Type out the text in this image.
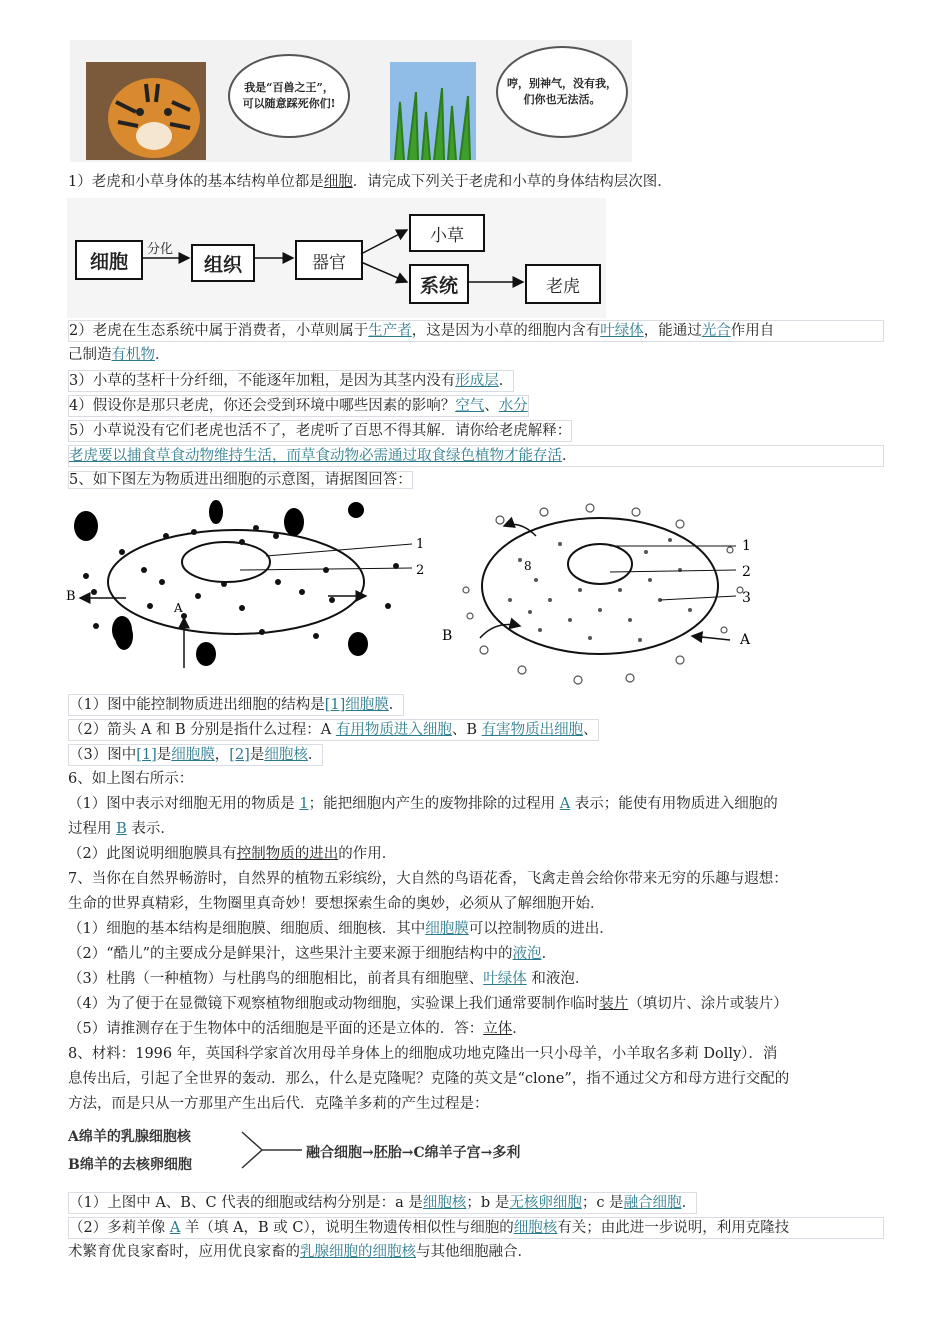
我是“百兽之王”，
可以随意踩死你们!
哼，别神气，没有我，
们你也无法活。
1）老虎和小草身体的基本结构单位都是细胞．请完成下列关于老虎和小草的身体结构层次图．
细胞
分化
组织	器官
小草
系统	老虎
2）老虎在生态系统中属于消费者，小草则属于生产者，这是因为小草的细胞内含有叶绿体，能通过光合作用自
己制造有机物．
3）小草的茎杆十分纤细，不能逐年加粗，是因为其茎内没有形成层．
4）假设你是那只老虎，你还会受到环境中哪些因素的影响？空气、水分
5）小草说没有它们老虎也活不了，老虎听了百思不得其解．请你给老虎解释：
老虎要以捕食草食动物维持生活，而草食动物必需通过取食绿色植物才能存活．
5、如下图左为物质进出细胞的示意图，请据图回答：
1
2
B
A
1
2
3
B	A
8
（1）图中能控制物质进出细胞的结构是[1]细胞膜．
（2）箭头 A 和 B 分别是指什么过程：A 有用物质进入细胞、B 有害物质出细胞、
（3）图中[1]是细胞膜，[2]是细胞核．
6、如上图右所示：
（1）图中表示对细胞无用的物质是 1；能把细胞内产生的废物排除的过程用 A 表示；能使有用物质进入细胞的
过程用 B 表示．
（2）此图说明细胞膜具有控制物质的进出的作用．
7、当你在自然界畅游时，自然界的植物五彩缤纷，大自然的鸟语花香，飞禽走兽会给你带来无穷的乐趣与遐想：
生命的世界真精彩，生物圈里真奇妙！要想探索生命的奥妙，必须从了解细胞开始．
（1）细胞的基本结构是细胞膜、细胞质、细胞核．其中细胞膜可以控制物质的进出．
（2）“酷儿”的主要成分是鲜果汁，这些果汁主要来源于细胞结构中的液泡．
（3）杜鹃（一种植物）与杜鹃鸟的细胞相比，前者具有细胞壁、叶绿体 和液泡．
（4）为了便于在显微镜下观察植物细胞或动物细胞，实验课上我们通常要制作临时装片（填切片、涂片或装片）
（5）请推测存在于生物体中的活细胞是平面的还是立体的．答：立体．
8、材料：1996 年，英国科学家首次用母羊身体上的细胞成功地克隆出一只小母羊，小羊取名多莉 Dolly）．消
息传出后，引起了全世界的轰动．那么，什么是克隆呢？克隆的英文是“clone”，指不通过父方和母方进行交配的
方法，而是只从一方那里产生出后代．克隆羊多莉的产生过程是：
A绵羊的乳腺细胞核
B绵羊的去核卵细胞
融合细胞→胚胎→C绵羊子宫→多利
（1）上图中 A、B、C 代表的细胞或结构分别是：a 是细胞核；b 是无核卵细胞；c 是融合细胞．
（2）多莉羊像 A 羊（填 A，B 或 C），说明生物遗传相似性与细胞的细胞核有关；由此进一步说明，利用克隆技
术繁育优良家畜时，应用优良家畜的乳腺细胞的细胞核与其他细胞融合．
